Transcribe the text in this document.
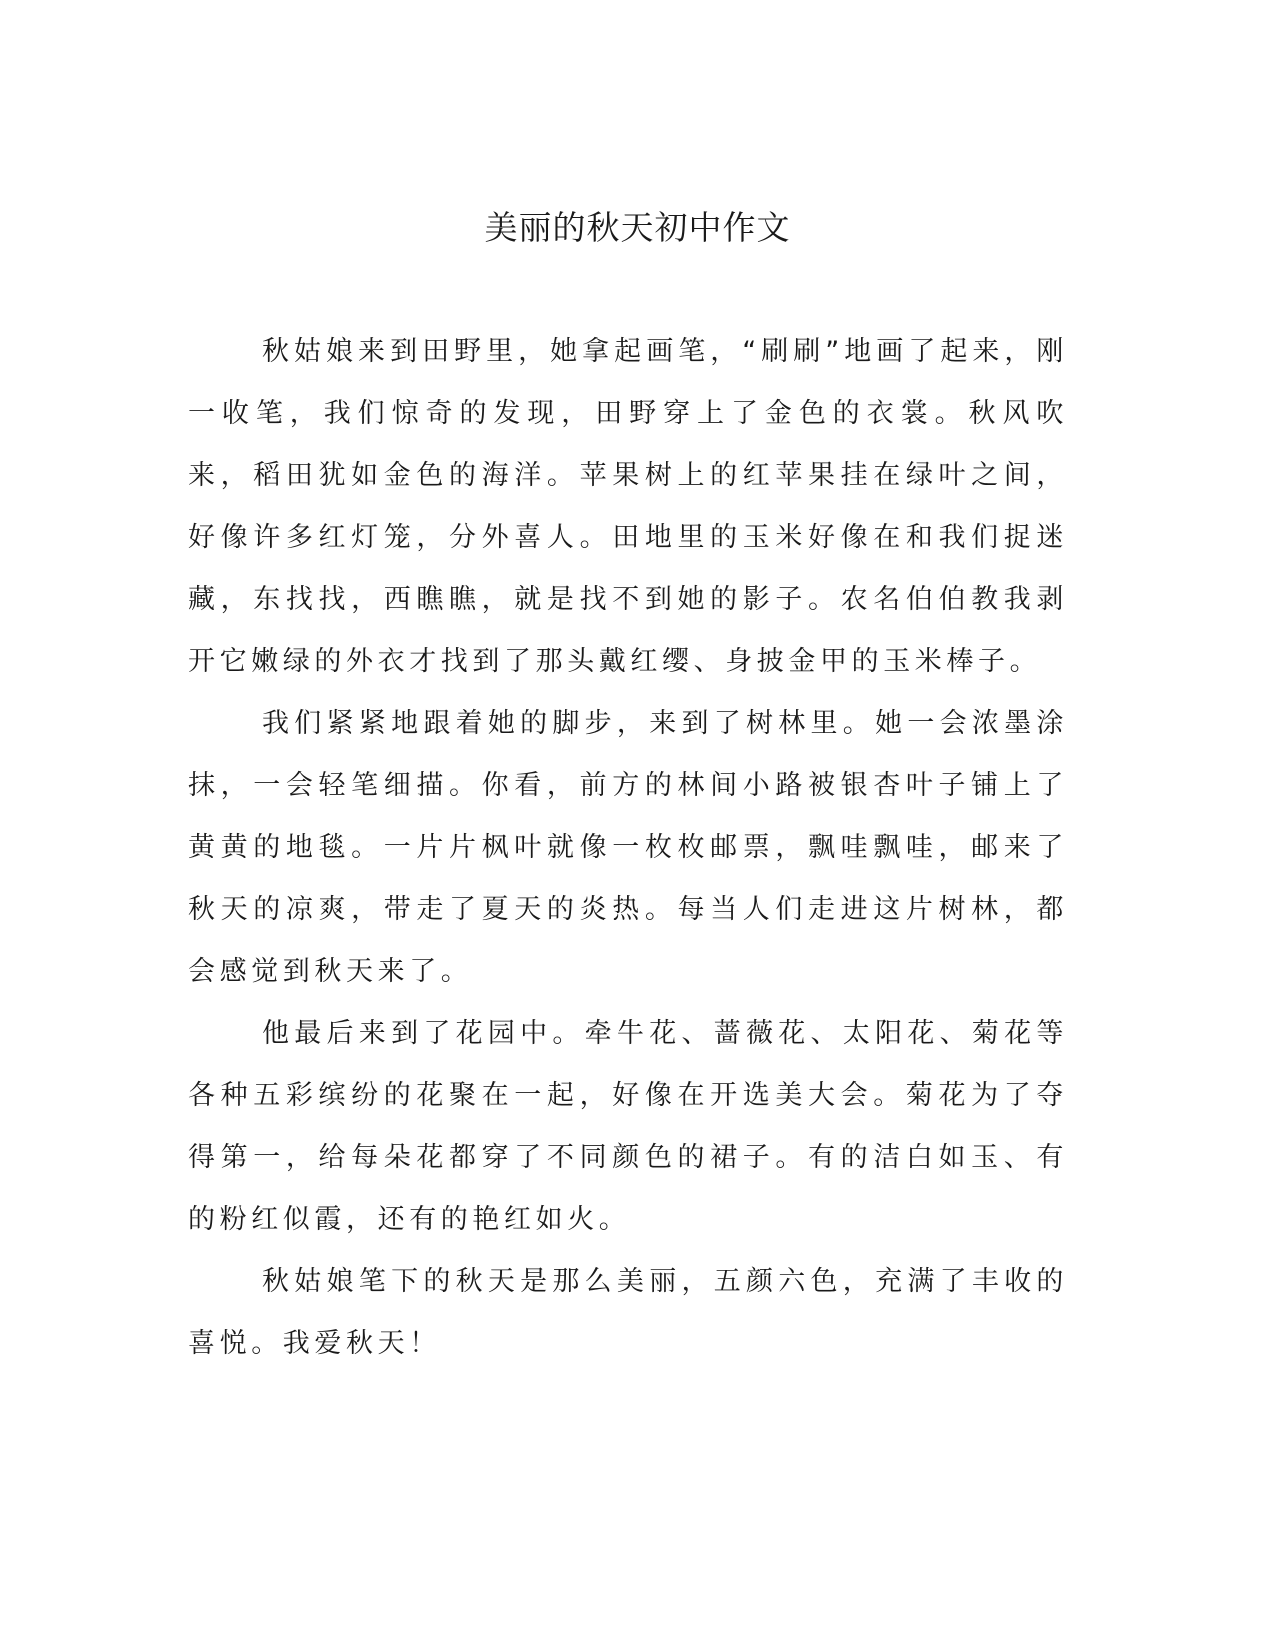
美丽的秋天初中作文

秋姑娘来到田野里，她拿起画笔，“刷刷”地画了起来，刚一收笔，我们惊奇的发现，田野穿上了金色的衣裳。秋风吹来，稻田犹如金色的海洋。苹果树上的红苹果挂在绿叶之间，好像许多红灯笼，分外喜人。田地里的玉米好像在和我们捉迷藏，东找找，西瞧瞧，就是找不到她的影子。农名伯伯教我剥开它嫩绿的外衣才找到了那头戴红缨、身披金甲的玉米棒子。

我们紧紧地跟着她的脚步，来到了树林里。她一会浓墨涂抹，一会轻笔细描。你看，前方的林间小路被银杏叶子铺上了黄黄的地毯。一片片枫叶就像一枚枚邮票，飘哇飘哇，邮来了秋天的凉爽，带走了夏天的炎热。每当人们走进这片树林，都会感觉到秋天来了。

他最后来到了花园中。牵牛花、蔷薇花、太阳花、菊花等各种五彩缤纷的花聚在一起，好像在开选美大会。菊花为了夺得第一，给每朵花都穿了不同颜色的裙子。有的洁白如玉、有的粉红似霞，还有的艳红如火。

秋姑娘笔下的秋天是那么美丽，五颜六色，充满了丰收的喜悦。我爱秋天！
